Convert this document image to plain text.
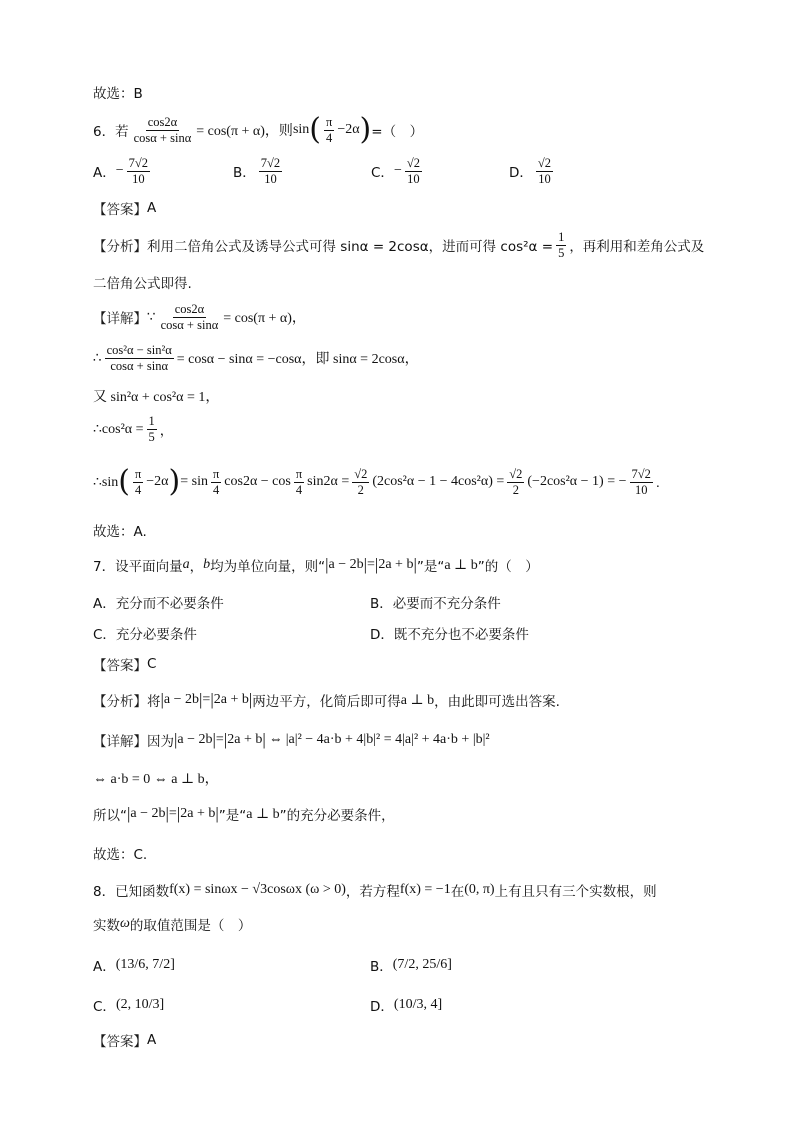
故选：B
6．若 $\frac{\cos 2\alpha}{\cos\alpha + \sin\alpha} = \cos(\pi + \alpha)$，则 sin ( $\frac{\pi}{4} -2\alpha$ ) =（　）
A． − $\frac{7√2}{10}$	B． $\frac{7√2}{10}$	C． − $\frac{√2}{10}$	D． $\frac{√2}{10}$
【答案】 A
【分析】 利用二倍角公式及诱导公式可得 sinα = 2cosα，进而可得 $\cos^2\alpha = \frac{1}{5}$ ，再利用和差角公式及
二倍角公式即得.
【详解】 ∵ $\frac{\cos 2\alpha}{\cos\alpha + \sin\alpha} = \cos(\pi + \alpha)$，
∴ $\frac{\text{cos²α − sin²α}}{\cos\alpha + \sin\alpha} = \cos\alpha - \sin\alpha = -\cos\alpha$，即 sinα = 2cosα，
又 sin²α + cos²α = 1，
∴cos²α = $\frac{1}{5}$ ，
∴sin ( $\frac{\pi}{4} -2\alpha$ ) = $\sin \frac{\pi}{4} \cos 2\alpha - \cos \frac{\pi}{4} \sin 2\alpha = \frac{√2}{2} (2\cos^2\alpha - 1 - 4\cos^2\alpha) = \frac{√2}{2} (-2\cos^2\alpha - 1)$ = − $\frac{7√2}{10}$ .
故选：A.
7．设平面向量 a ， b 均为单位向量，则“ | a − 2b | = | 2a + b | ”是“ a ⊥ b ”的（　）
A．充分而不必要条件	B．必要而不充分条件
C．充分必要条件	D．既不充分也不必要条件
【答案】 C
【分析】 将 | a − 2b | = | 2a + b | 两边平方，化简后即可得 a ⊥ b ，由此即可选出答案.
【详解】 因为 | a − 2b | = | 2a + b | ⇔ |a|² − 4a·b + 4|b|² = 4|a|² + 4a·b + |b|²
⇔ a·b = 0 ⇔ a ⊥ b，
所以“ | a − 2b | = | 2a + b | ”是“ a ⊥ b ”的充分必要条件，
故选：C.
8．已知函数 f(x) = sinωx − √3cosωx (ω > 0) ，若方程 f(x) = −1 在 (0, π) 上有且只有三个实数根，则
实数 ω 的取值范围是（　）
A． (13/6, 7/2]	B． (7/2, 25/6]
C． (2, 10/3]	D． (10/3, 4]
【答案】 A
